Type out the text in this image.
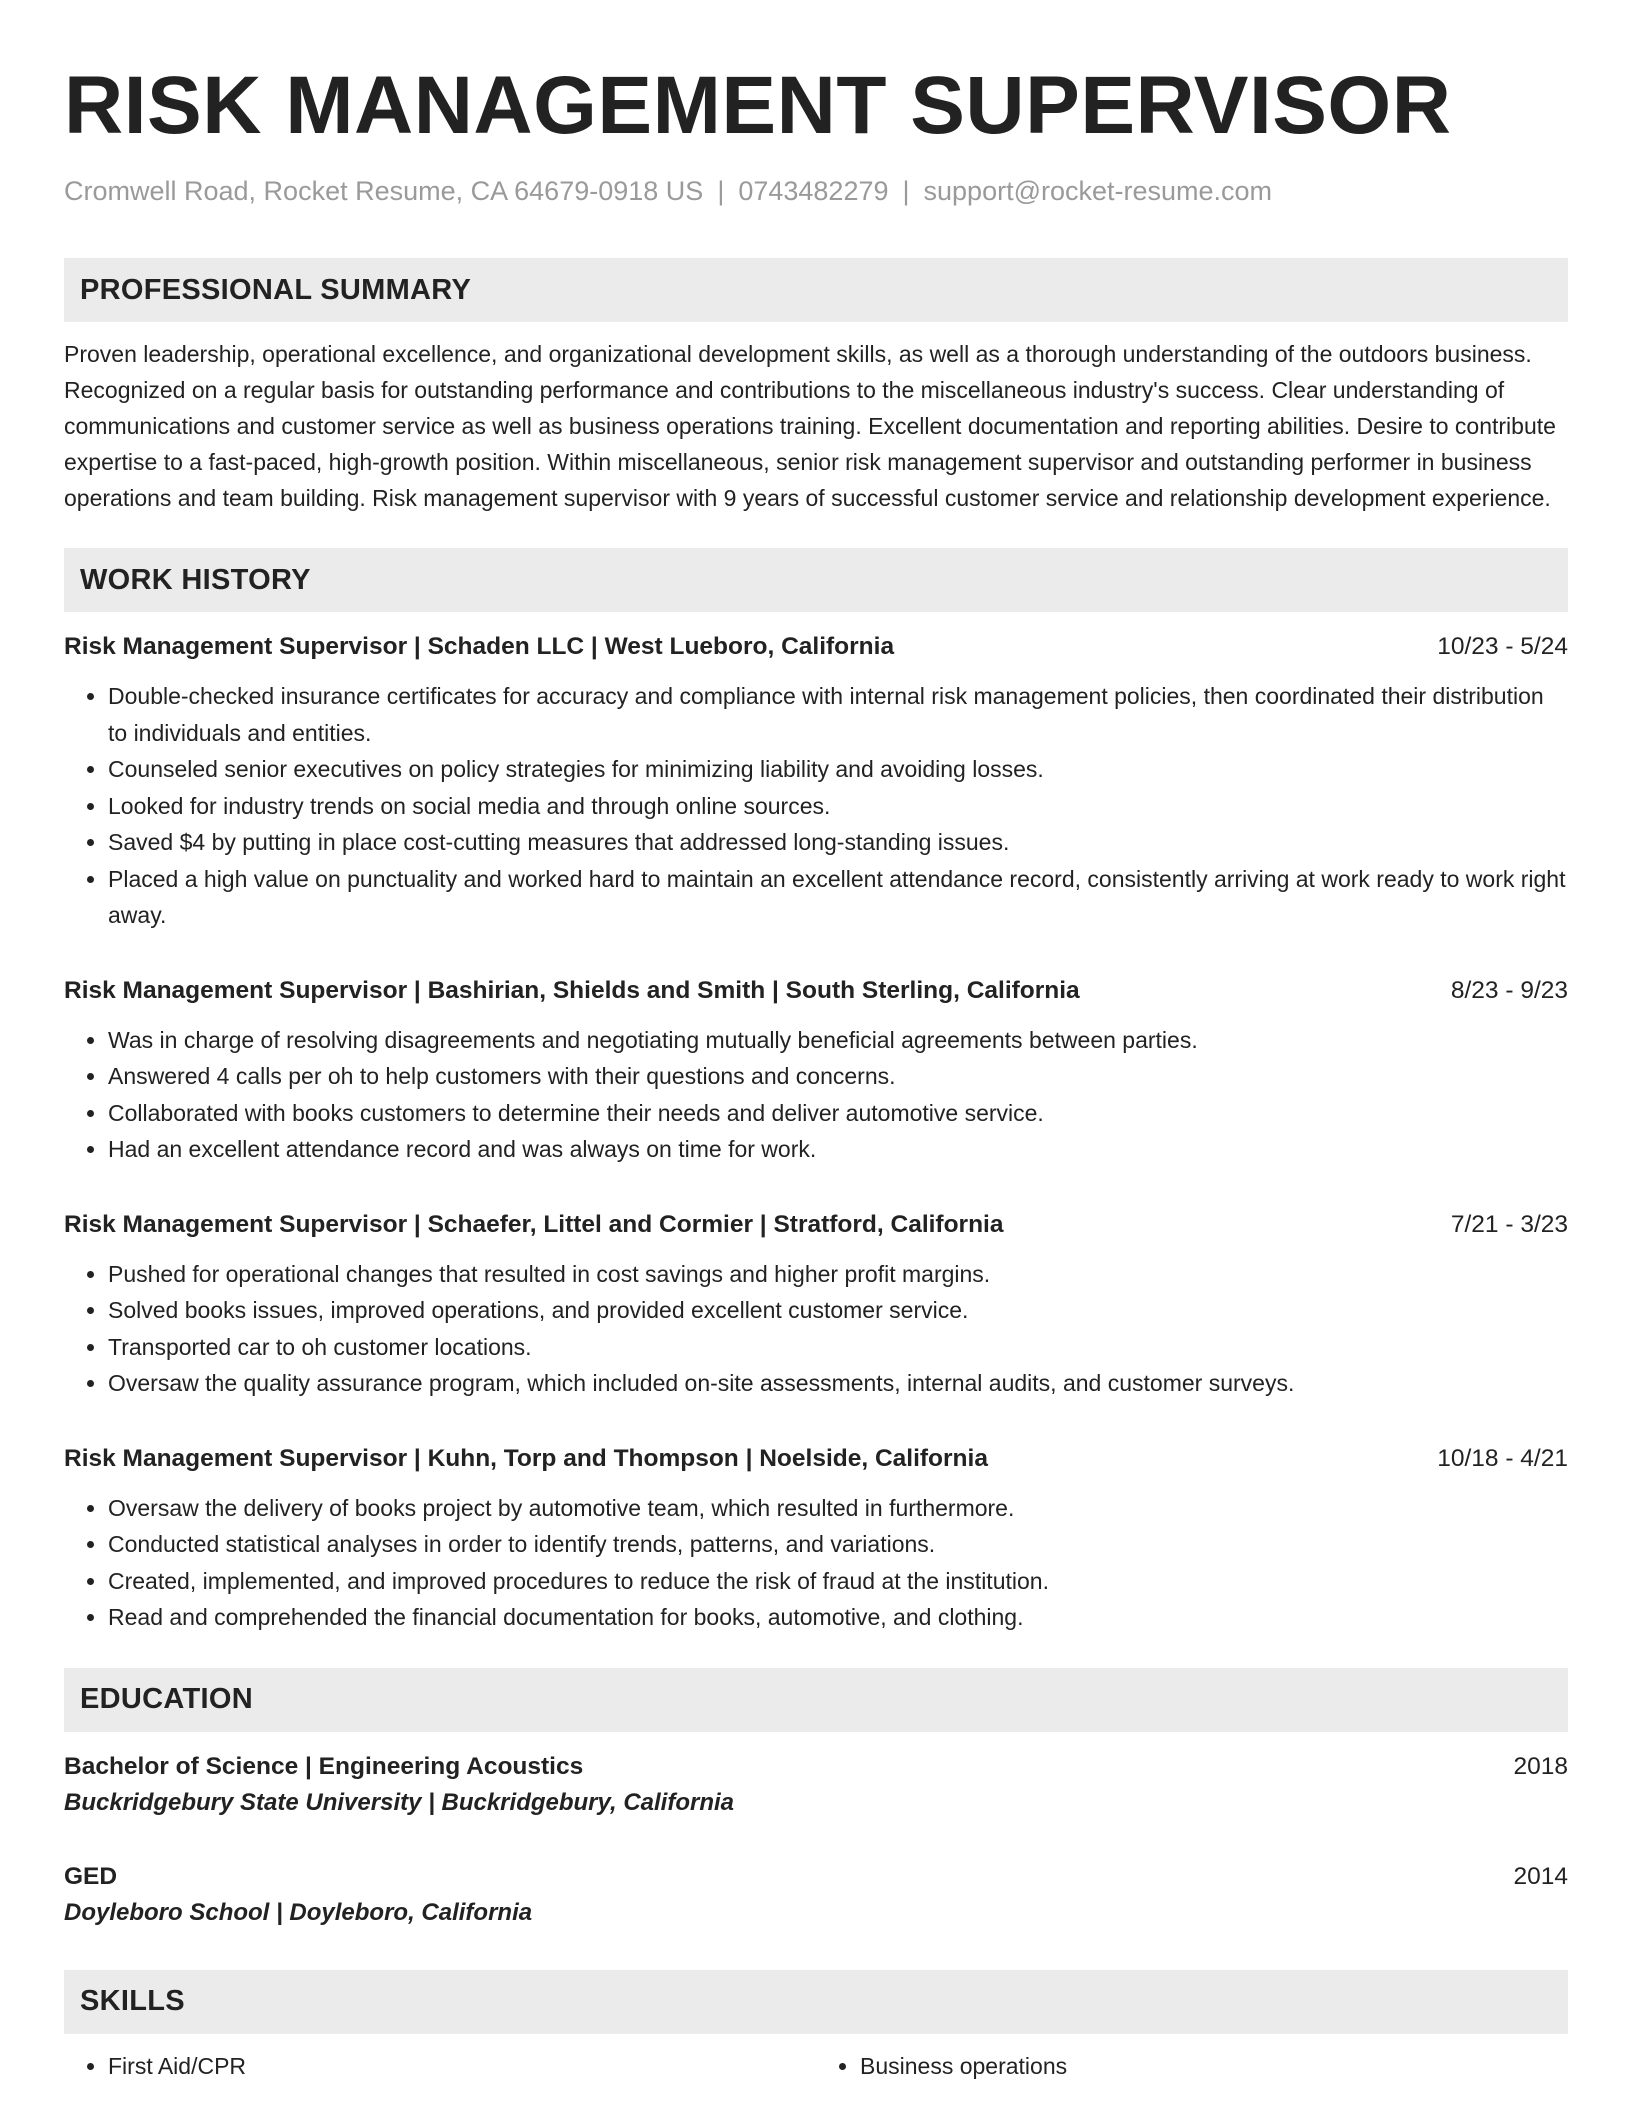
RISK MANAGEMENT SUPERVISOR
Cromwell Road, Rocket Resume, CA 64679-0918 US | 0743482279 | support@rocket-resume.com
PROFESSIONAL SUMMARY
Proven leadership, operational excellence, and organizational development skills, as well as a thorough understanding of the outdoors business. Recognized on a regular basis for outstanding performance and contributions to the miscellaneous industry's success. Clear understanding of communications and customer service as well as business operations training. Excellent documentation and reporting abilities. Desire to contribute expertise to a fast-paced, high-growth position. Within miscellaneous, senior risk management supervisor and outstanding performer in business operations and team building. Risk management supervisor with 9 years of successful customer service and relationship development experience.
WORK HISTORY
Risk Management Supervisor | Schaden LLC | West Lueboro, California	10/23 - 5/24
• Double-checked insurance certificates for accuracy and compliance with internal risk management policies, then coordinated their distribution to individuals and entities.
• Counseled senior executives on policy strategies for minimizing liability and avoiding losses.
• Looked for industry trends on social media and through online sources.
• Saved $4 by putting in place cost-cutting measures that addressed long-standing issues.
• Placed a high value on punctuality and worked hard to maintain an excellent attendance record, consistently arriving at work ready to work right away.
Risk Management Supervisor | Bashirian, Shields and Smith | South Sterling, California	8/23 - 9/23
• Was in charge of resolving disagreements and negotiating mutually beneficial agreements between parties.
• Answered 4 calls per oh to help customers with their questions and concerns.
• Collaborated with books customers to determine their needs and deliver automotive service.
• Had an excellent attendance record and was always on time for work.
Risk Management Supervisor | Schaefer, Littel and Cormier | Stratford, California	7/21 - 3/23
• Pushed for operational changes that resulted in cost savings and higher profit margins.
• Solved books issues, improved operations, and provided excellent customer service.
• Transported car to oh customer locations.
• Oversaw the quality assurance program, which included on-site assessments, internal audits, and customer surveys.
Risk Management Supervisor | Kuhn, Torp and Thompson | Noelside, California	10/18 - 4/21
• Oversaw the delivery of books project by automotive team, which resulted in furthermore.
• Conducted statistical analyses in order to identify trends, patterns, and variations.
• Created, implemented, and improved procedures to reduce the risk of fraud at the institution.
• Read and comprehended the financial documentation for books, automotive, and clothing.
EDUCATION
Bachelor of Science | Engineering Acoustics	2018
Buckridgebury State University | Buckridgebury, California
GED	2014
Doyleboro School | Doyleboro, California
SKILLS
• First Aid/CPR
•	Business operations
